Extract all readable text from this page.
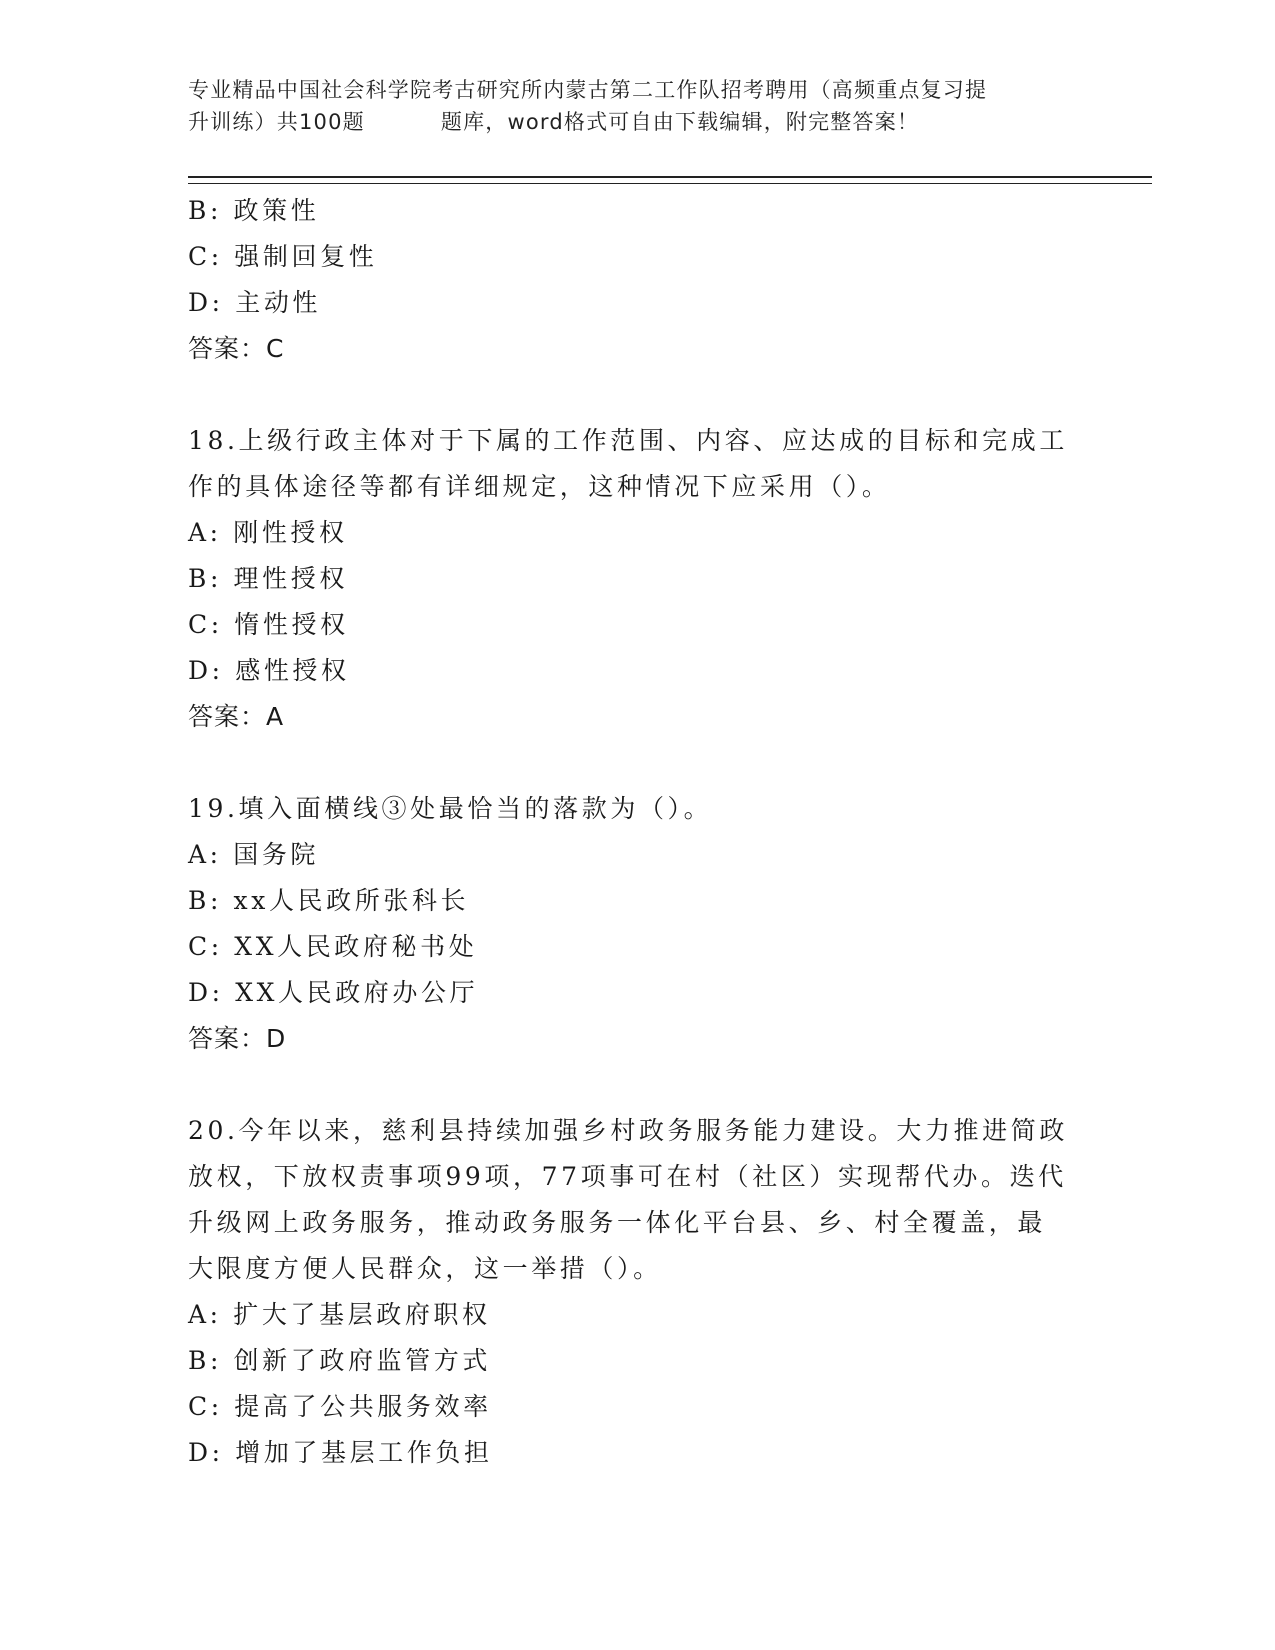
专业精品中国社会科学院考古研究所内蒙古第二工作队招考聘用（高频重点复习提
升训练）共100题	题库，word格式可自由下载编辑，附完整答案！
B: 政策性
C: 强制回复性
D: 主动性
答案：C
18.上级行政主体对于下属的工作范围、内容、应达成的目标和完成工
作的具体途径等都有详细规定，这种情况下应采用（）。
A: 刚性授权
B: 理性授权
C: 惰性授权
D: 感性授权
答案：A
19.填入面横线③处最恰当的落款为（）。
A: 国务院
B: xx人民政所张科长
C: XX人民政府秘书处
D: XX人民政府办公厅
答案：D
20.今年以来，慈利县持续加强乡村政务服务能力建设。大力推进简政
放权，下放权责事项99项，77项事可在村（社区）实现帮代办。迭代
升级网上政务服务，推动政务服务一体化平台县、乡、村全覆盖，最
大限度方便人民群众，这一举措（）。
A: 扩大了基层政府职权
B: 创新了政府监管方式
C: 提高了公共服务效率
D: 增加了基层工作负担
